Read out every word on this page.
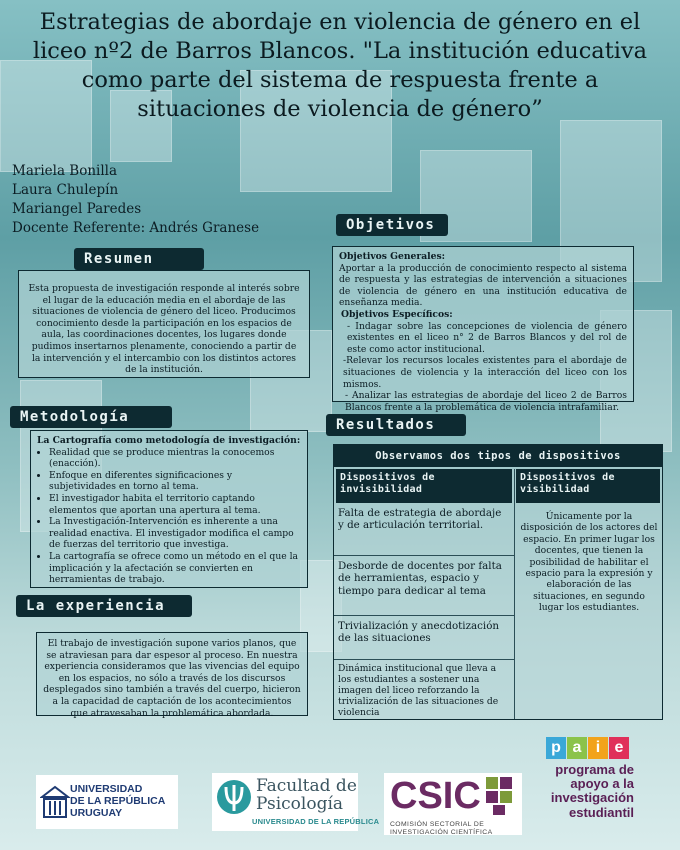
Estrategias de abordaje en violencia de género en el liceo nº2 de Barros Blancos. "La institución educativa como parte del sistema de respuesta frente a situaciones de violencia de género”
Mariela Bonilla
Laura Chulepín
Mariangel Paredes
Docente Referente: Andrés Granese
Resumen

Esta propuesta de investigación responde al interés sobre el lugar de la educación media en el abordaje de las situaciones de violencia de género del liceo. Producimos conocimiento desde la participación en los espacios de aula, las coordinaciones docentes, los lugares donde pudimos insertarnos plenamente, conociendo a partir de la intervención y el intercambio con los distintos actores de la institución.

Metodología

La Cartografía como metodología de investigación:

• Realidad que se produce mientras la conocemos (enacción).
• Enfoque en diferentes significaciones y subjetividades en torno al tema.
• El investigador habita el territorio captando elementos que aportan una apertura al tema.
• La Investigación-Intervención es inherente a una realidad enactiva. El investigador modifica el campo de fuerzas del territorio que investiga.
• La cartografía se ofrece como un método en el que la implicación y la afectación se convierten en herramientas de trabajo.
La experiencia

El trabajo de investigación supone varios planos, que se atraviesan para dar espesor al proceso. En nuestra experiencia consideramos que las vivencias del equipo en los espacios, no sólo a través de los discursos desplegados sino también a través del cuerpo, hicieron a la capacidad de captación de los acontecimientos que atravesaban la problemática abordada.

Objetivos

Objetivos Generales:

Aportar a la producción de conocimiento respecto al sistema de respuesta y las estrategias de intervención a situaciones de violencia de género en una institución educativa de enseñanza media.

Objetivos Específicos:

- Indagar sobre las concepciones de violencia de género existentes en el liceo n° 2 de Barros Blancos y del rol de este como actor institucional.

-Relevar los recursos locales existentes para el abordaje de situaciones de violencia y la interacción del liceo con los mismos.

- Analizar las estrategias de abordaje del liceo 2 de Barros Blancos frente a la problemática de violencia intrafamiliar.

Resultados
Observamos dos tipos de dispositivos
Dispositivos de invisibilidad
Dispositivos de visibilidad
Falta de estrategia de abordaje y de articulación territorial.
Desborde de docentes por falta de herramientas, espacio y tiempo para dedicar al tema
Trivialización y anecdotización de las situaciones
Dinámica institucional que lleva a los estudiantes a sostener una imagen del liceo reforzando la trivialización de las situaciones de violencia
Únicamente por la disposición de los actores del espacio. En primer lugar los docentes, que tienen la posibilidad de habilitar el espacio para la expresión y elaboración de las situaciones, en segundo lugar los estudiantes.
UNIVERSIDAD
DE LA REPÚBLICA
URUGUAY
Facultad de
Psicología
UNIVERSIDAD DE LA REPÚBLICA
CSIC
COMISIÓN SECTORIAL DE
INVESTIGACIÓN CIENTÍFICA
p a i e
programa de
apoyo a la
investigación
estudiantil
